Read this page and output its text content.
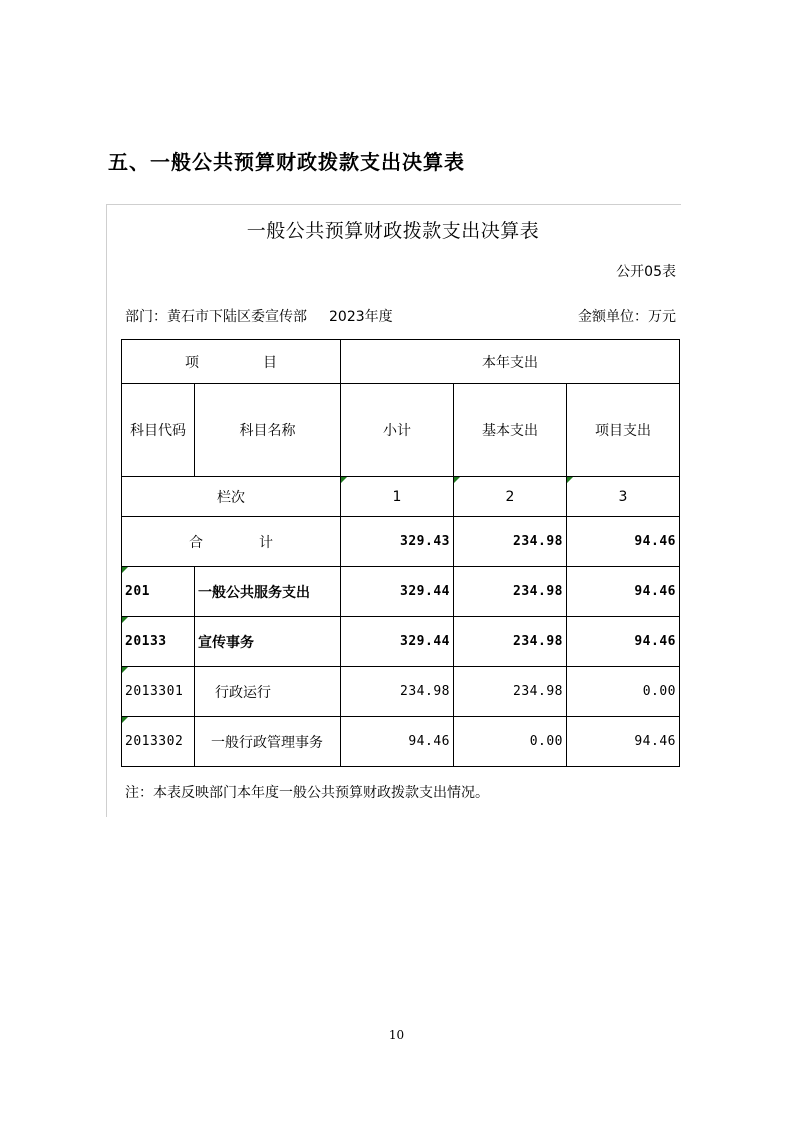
五、一般公共预算财政拨款支出决算表
一般公共预算财政拨款支出决算表
公开05表
部门：黄石市下陆区委宣传部 2023年度	金额单位：万元
项 目		本年支出		
科目代码	科目名称	小计	基本支出	项目支出
栏次		1	2	3
合 计		329.43	234.98	94.46
201	一般公共服务支出	329.44	234.98	94.46
20133	宣传事务	329.44	234.98	94.46
2013301	行政运行	234.98	234.98	0.00
2013302	一般行政管理事务	94.46	0.00	94.46
注：本表反映部门本年度一般公共预算财政拨款支出情况。
10
